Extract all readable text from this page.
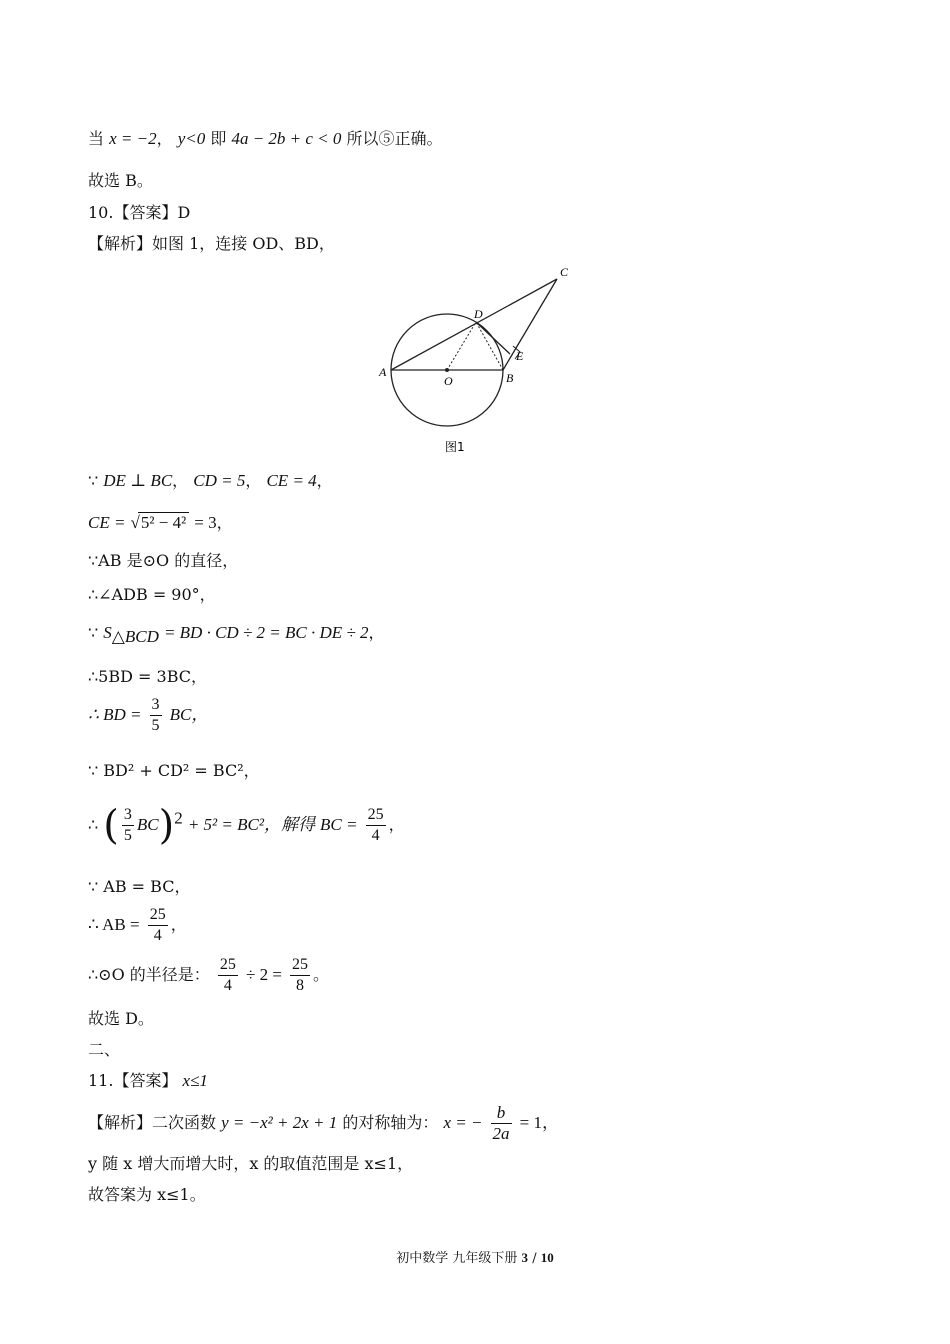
当 x = −2， y<0 即 4a − 2b + c < 0 所以⑤正确。
故选 B。
10.【答案】D
【解析】如图 1，连接 OD、BD，
A	B
C
D
E
O
图1
∵ DE ⊥ BC， CD = 5， CE = 4，
CE = √5² − 4² = 3，
∵AB 是⊙O 的直径，
∴∠ADB = 90°，
∵ $S_{\triangle BCD}$ = BD · CD ÷ 2 = BC · DE ÷ 2，
∴5BD = 3BC，
∴ BD = $\frac{3}{5}$ BC，
∵ BD² + CD² = BC²，
∴ ( $\frac{3}{5} BC)^2 + 5^2 = BC^2$，解得 BC = $\frac{25}{4}$ ，
∵ AB = BC，
∴ AB = $\frac{25}{4}$ ，
∴⊙O 的半径是： $\frac{25}{4} \div 2 = \frac{25}{8}$ 。
故选 D。
二、
11.【答案】 x≤1
【解析】二次函数 y = −x² + 2x + 1 的对称轴为： x = − $\frac{b}{2a} = 1$，
y 随 x 增大而增大时，x 的取值范围是 x≤1，
故答案为 x≤1。
初中数学 九年级下册 3 / 10
